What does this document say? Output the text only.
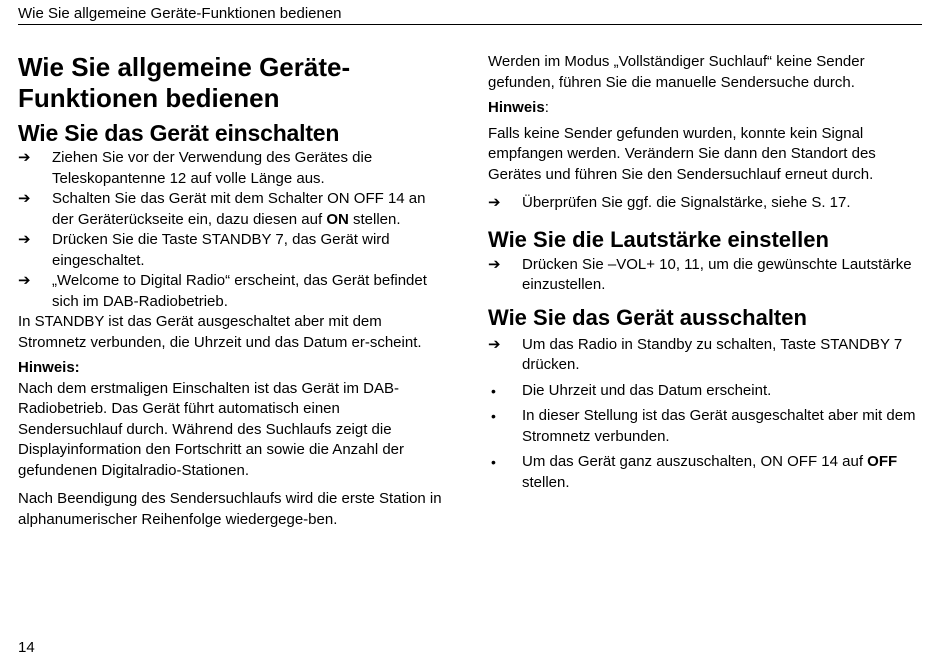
Wie Sie allgemeine Geräte-Funktionen bedienen
Wie Sie allgemeine Geräte-
Funktionen bedienen
Wie Sie das Gerät einschalten
➔	Ziehen Sie vor der Verwendung des Gerätes die Teleskopantenne 12 auf volle Länge aus.
➔	Schalten Sie das Gerät mit dem Schalter ON OFF 14 an der Geräterückseite ein, dazu diesen auf ON stellen.
➔	Drücken Sie die Taste STANDBY 7, das Gerät wird eingeschaltet.
➔	„Welcome to Digital Radio“ erscheint, das Gerät befindet sich im DAB-Radiobetrieb.

In STANDBY ist das Gerät ausgeschaltet aber mit dem Stromnetz verbunden, die Uhrzeit und das Datum er-scheint.

Hinweis:

Nach dem erstmaligen Einschalten ist das Gerät im DAB-Radiobetrieb. Das Gerät führt automatisch einen Sendersuchlauf durch. Während des Suchlaufs zeigt die Displayinformation den Fortschritt an sowie die Anzahl der gefundenen Digitalradio-Stationen.

Nach Beendigung des Sendersuchlaufs wird die erste Station in alphanumerischer Reihenfolge wiedergege-ben.

Werden im Modus „Vollständiger Suchlauf“ keine Sender gefunden, führen Sie die manuelle Sendersuche durch.

Hinweis:

Falls keine Sender gefunden wurden, konnte kein Signal empfangen werden. Verändern Sie dann den Standort des Gerätes und führen Sie den Sendersuchlauf erneut durch.

➔	Überprüfen Sie ggf. die Signalstärke, siehe S. 17.
Wie Sie die Lautstärke einstellen
➔	Drücken Sie –VOL+ 10, 11, um die gewünschte Lautstärke einzustellen.
Wie Sie das Gerät ausschalten
➔	Um das Radio in Standby zu schalten, Taste STANDBY 7 drücken.
•	Die Uhrzeit und das Datum erscheint.
•	In dieser Stellung ist das Gerät ausgeschaltet aber mit dem Stromnetz verbunden.
•	Um das Gerät ganz auszuschalten, ON OFF 14 auf OFF stellen.
14
